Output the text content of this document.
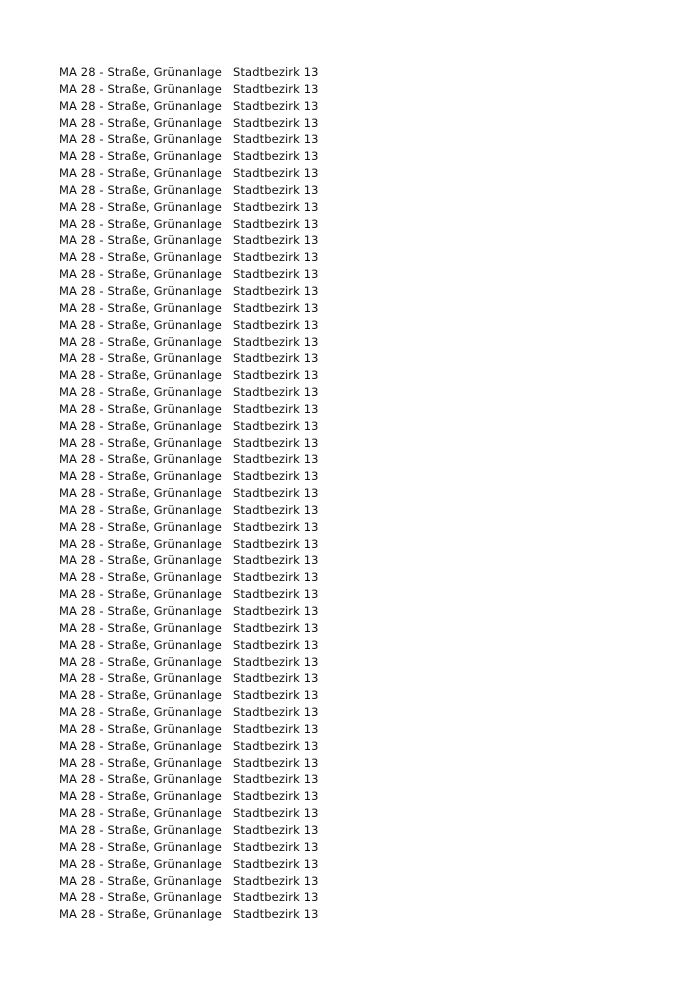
MA 28 - Straße, Grünanlage Stadtbezirk 13
MA 28 - Straße, Grünanlage Stadtbezirk 13
MA 28 - Straße, Grünanlage Stadtbezirk 13
MA 28 - Straße, Grünanlage Stadtbezirk 13
MA 28 - Straße, Grünanlage Stadtbezirk 13
MA 28 - Straße, Grünanlage Stadtbezirk 13
MA 28 - Straße, Grünanlage Stadtbezirk 13
MA 28 - Straße, Grünanlage Stadtbezirk 13
MA 28 - Straße, Grünanlage Stadtbezirk 13
MA 28 - Straße, Grünanlage Stadtbezirk 13
MA 28 - Straße, Grünanlage Stadtbezirk 13
MA 28 - Straße, Grünanlage Stadtbezirk 13
MA 28 - Straße, Grünanlage Stadtbezirk 13
MA 28 - Straße, Grünanlage Stadtbezirk 13
MA 28 - Straße, Grünanlage Stadtbezirk 13
MA 28 - Straße, Grünanlage Stadtbezirk 13
MA 28 - Straße, Grünanlage Stadtbezirk 13
MA 28 - Straße, Grünanlage Stadtbezirk 13
MA 28 - Straße, Grünanlage Stadtbezirk 13
MA 28 - Straße, Grünanlage Stadtbezirk 13
MA 28 - Straße, Grünanlage Stadtbezirk 13
MA 28 - Straße, Grünanlage Stadtbezirk 13
MA 28 - Straße, Grünanlage Stadtbezirk 13
MA 28 - Straße, Grünanlage Stadtbezirk 13
MA 28 - Straße, Grünanlage Stadtbezirk 13
MA 28 - Straße, Grünanlage Stadtbezirk 13
MA 28 - Straße, Grünanlage Stadtbezirk 13
MA 28 - Straße, Grünanlage Stadtbezirk 13
MA 28 - Straße, Grünanlage Stadtbezirk 13
MA 28 - Straße, Grünanlage Stadtbezirk 13
MA 28 - Straße, Grünanlage Stadtbezirk 13
MA 28 - Straße, Grünanlage Stadtbezirk 13
MA 28 - Straße, Grünanlage Stadtbezirk 13
MA 28 - Straße, Grünanlage Stadtbezirk 13
MA 28 - Straße, Grünanlage Stadtbezirk 13
MA 28 - Straße, Grünanlage Stadtbezirk 13
MA 28 - Straße, Grünanlage Stadtbezirk 13
MA 28 - Straße, Grünanlage Stadtbezirk 13
MA 28 - Straße, Grünanlage Stadtbezirk 13
MA 28 - Straße, Grünanlage Stadtbezirk 13
MA 28 - Straße, Grünanlage Stadtbezirk 13
MA 28 - Straße, Grünanlage Stadtbezirk 13
MA 28 - Straße, Grünanlage Stadtbezirk 13
MA 28 - Straße, Grünanlage Stadtbezirk 13
MA 28 - Straße, Grünanlage Stadtbezirk 13
MA 28 - Straße, Grünanlage Stadtbezirk 13
MA 28 - Straße, Grünanlage Stadtbezirk 13
MA 28 - Straße, Grünanlage Stadtbezirk 13
MA 28 - Straße, Grünanlage Stadtbezirk 13
MA 28 - Straße, Grünanlage Stadtbezirk 13
MA 28 - Straße, Grünanlage Stadtbezirk 13
